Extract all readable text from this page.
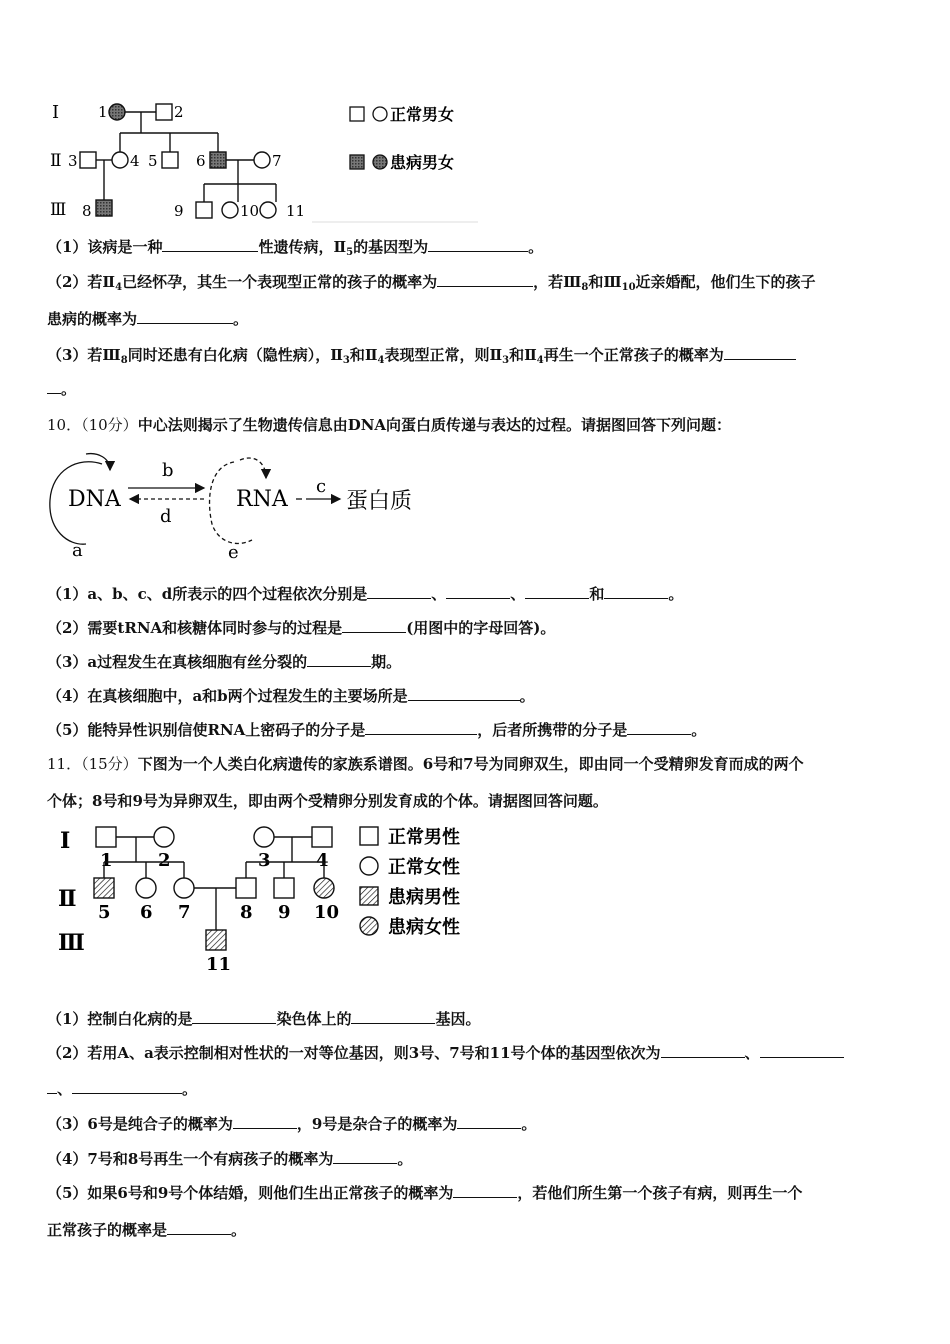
Ⅰ
Ⅱ
Ⅲ
1	2
3	4 5	6	7
8	9	10 11
正常男女
患病男女
（1）该病是一种	性遗传病，$Ⅱ_5$的基因型为	。
（2）若$Ⅱ_4$已经怀孕，其生一个表现型正常的孩子的概率为	，若$Ⅲ_8$和$Ⅲ_{10}$近亲婚配，他们生下的孩子
患病的概率为	。
（3）若$Ⅲ_8$同时还患有白化病（隐性病），$Ⅱ_3$和$Ⅱ_4$表现型正常，则$Ⅱ_3$和$Ⅱ_4$再生一个正常孩子的概率为
。
10．（10分）中心法则揭示了生物遗传信息由DNA向蛋白质传递与表达的过程。请据图回答下列问题：
DNA
a
b
d
RNA
e
c
蛋白质
（1）a、b、c、d所表示的四个过程依次分别是	、	、	和	。
（2）需要tRNA和核糖体同时参与的过程是	(用图中的字母回答)。
（3）a过程发生在真核细胞有丝分裂的	期。
（4）在真核细胞中，a和b两个过程发生的主要场所是	。
（5）能特异性识别信使RNA上密码子的分子是	，后者所携带的分子是	。
11．（15分）下图为一个人类白化病遗传的家族系谱图。6号和7号为同卵双生，即由同一个受精卵发育而成的两个
个体；8号和9号为异卵双生，即由两个受精卵分别发育成的个体。请据图回答问题。
Ⅰ
Ⅱ
Ⅲ
1	2	3	4
5 6 7	8 9 10
11
正常男性
正常女性
患病男性
患病女性
（1）控制白化病的是	染色体上的	基因。
（2）若用A、a表示控制相对性状的一对等位基因，则3号、7号和11号个体的基因型依次为	、
、	。
（3）6号是纯合子的概率为	，9号是杂合子的概率为	。
（4）7号和8号再生一个有病孩子的概率为	。
（5）如果6号和9号个体结婚，则他们生出正常孩子的概率为	，若他们所生第一个孩子有病，则再生一个
正常孩子的概率是	。
